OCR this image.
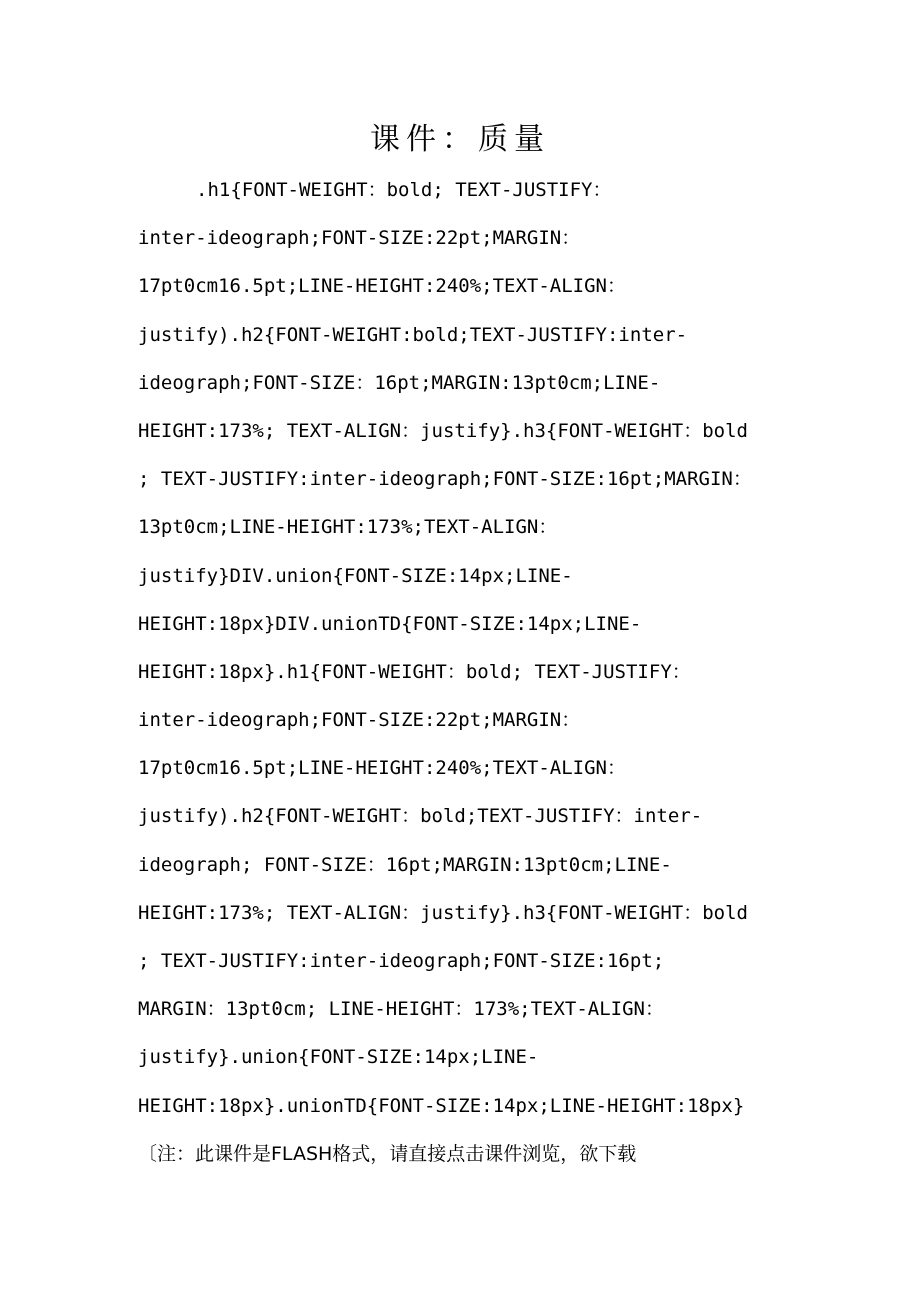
课件：质量
.h1{FONT-WEIGHT：bold; TEXT-JUSTIFY：
inter-ideograph;FONT-SIZE:22pt;MARGIN：
17pt0cm16.5pt;LINE-HEIGHT:240%;TEXT-ALIGN：
justify).h2{FONT-WEIGHT:bold;TEXT-JUSTIFY:inter-
ideograph;FONT-SIZE：16pt;MARGIN:13pt0cm;LINE-
HEIGHT:173%; TEXT-ALIGN：justify}.h3{FONT-WEIGHT：bold
; TEXT-JUSTIFY:inter-ideograph;FONT-SIZE:16pt;MARGIN：
13pt0cm;LINE-HEIGHT:173%;TEXT-ALIGN：
justify}DIV.union{FONT-SIZE:14px;LINE-
HEIGHT:18px}DIV.unionTD{FONT-SIZE:14px;LINE-
HEIGHT:18px}.h1{FONT-WEIGHT：bold; TEXT-JUSTIFY：
inter-ideograph;FONT-SIZE:22pt;MARGIN：
17pt0cm16.5pt;LINE-HEIGHT:240%;TEXT-ALIGN：
justify).h2{FONT-WEIGHT：bold;TEXT-JUSTIFY：inter-
ideograph; FONT-SIZE：16pt;MARGIN:13pt0cm;LINE-
HEIGHT:173%; TEXT-ALIGN：justify}.h3{FONT-WEIGHT：bold
; TEXT-JUSTIFY:inter-ideograph;FONT-SIZE:16pt;
MARGIN：13pt0cm; LINE-HEIGHT：173%;TEXT-ALIGN：
justify}.union{FONT-SIZE:14px;LINE-
HEIGHT:18px}.unionTD{FONT-SIZE:14px;LINE-HEIGHT:18px}
〔注：此课件是FLASH格式，请直接点击课件浏览，欲下载
